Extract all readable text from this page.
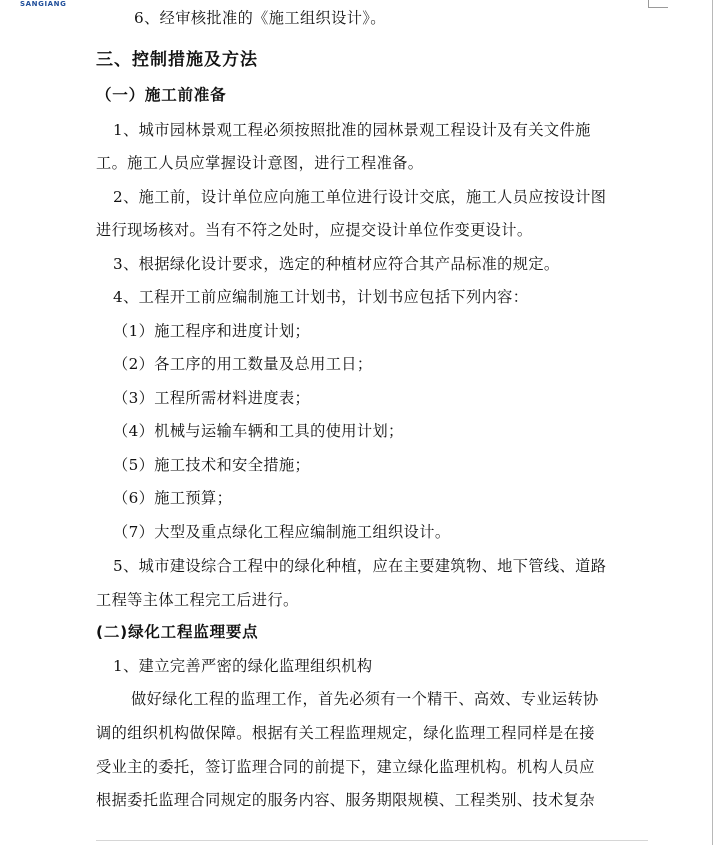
SANGIANG
6、经审核批准的《施工组织设计》。
三、控制措施及方法
（一）施工前准备
1、城市园林景观工程必须按照批准的园林景观工程设计及有关文件施
工。施工人员应掌握设计意图，进行工程准备。
2、施工前，设计单位应向施工单位进行设计交底，施工人员应按设计图
进行现场核对。当有不符之处时，应提交设计单位作变更设计。
3、根据绿化设计要求，选定的种植材应符合其产品标准的规定。
4、工程开工前应编制施工计划书，计划书应包括下列内容：
（1）施工程序和进度计划；
（2）各工序的用工数量及总用工日；
（3）工程所需材料进度表；
（4）机械与运输车辆和工具的使用计划；
（5）施工技术和安全措施；
（6）施工预算；
（7）大型及重点绿化工程应编制施工组织设计。
5、城市建设综合工程中的绿化种植，应在主要建筑物、地下管线、道路
工程等主体工程完工后进行。
(二)绿化工程监理要点
1、建立完善严密的绿化监理组织机构
做好绿化工程的监理工作，首先必须有一个精干、高效、专业运转协
调的组织机构做保障。根据有关工程监理规定，绿化监理工程同样是在接
受业主的委托，签订监理合同的前提下，建立绿化监理机构。机构人员应
根据委托监理合同规定的服务内容、服务期限规模、工程类别、技术复杂
